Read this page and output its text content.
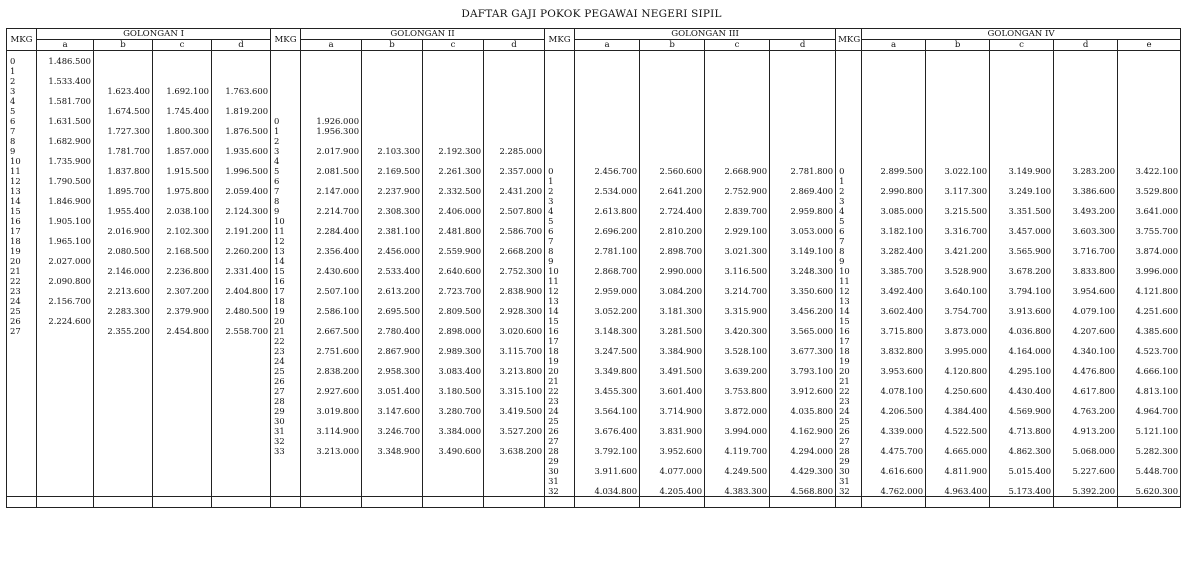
DAFTAR GAJI POKOK PEGAWAI NEGERI SIPIL
MKG	GOLONGAN I				MKG	GOLONGAN II				MKG	GOLONGAN III				MKG	GOLONGAN IV				
	a	b	c	d		a	b	c	d		a	b	c	d		a	b	c	d	e

0	1.486.500																			
1																				
2	1.533.400																			
3		1.623.400	1.692.100	1.763.600																
4	1.581.700																			
5		1.674.500	1.745.400	1.819.200																
6	1.631.500				0	1.926.000														
7		1.727.300	1.800.300	1.876.500	1	1.956.300														
8	1.682.900				2															
9		1.781.700	1.857.000	1.935.600	3	2.017.900	2.103.300	2.192.300	2.285.000											
10	1.735.900				4															
11		1.837.800	1.915.500	1.996.500	5	2.081.500	2.169.500	2.261.300	2.357.000	0	2.456.700	2.560.600	2.668.900	2.781.800	0	2.899.500	3.022.100	3.149.900	3.283.200	3.422.100
12	1.790.500				6					1					1					
13		1.895.700	1.975.800	2.059.400	7	2.147.000	2.237.900	2.332.500	2.431.200	2	2.534.000	2.641.200	2.752.900	2.869.400	2	2.990.800	3.117.300	3.249.100	3.386.600	3.529.800
14	1.846.900				8					3					3					
15		1.955.400	2.038.100	2.124.300	9	2.214.700	2.308.300	2.406.000	2.507.800	4	2.613.800	2.724.400	2.839.700	2.959.800	4	3.085.000	3.215.500	3.351.500	3.493.200	3.641.000
16	1.905.100				10					5					5					
17		2.016.900	2.102.300	2.191.200	11	2.284.400	2.381.100	2.481.800	2.586.700	6	2.696.200	2.810.200	2.929.100	3.053.000	6	3.182.100	3.316.700	3.457.000	3.603.300	3.755.700
18	1.965.100				12					7					7					
19		2.080.500	2.168.500	2.260.200	13	2.356.400	2.456.000	2.559.900	2.668.200	8	2.781.100	2.898.700	3.021.300	3.149.100	8	3.282.400	3.421.200	3.565.900	3.716.700	3.874.000
20	2.027.000				14					9					9					
21		2.146.000	2.236.800	2.331.400	15	2.430.600	2.533.400	2.640.600	2.752.300	10	2.868.700	2.990.000	3.116.500	3.248.300	10	3.385.700	3.528.900	3.678.200	3.833.800	3.996.000
22	2.090.800				16					11					11					
23		2.213.600	2.307.200	2.404.800	17	2.507.100	2.613.200	2.723.700	2.838.900	12	2.959.000	3.084.200	3.214.700	3.350.600	12	3.492.400	3.640.100	3.794.100	3.954.600	4.121.800
24	2.156.700				18					13					13					
25		2.283.300	2.379.900	2.480.500	19	2.586.100	2.695.500	2.809.500	2.928.300	14	3.052.200	3.181.300	3.315.900	3.456.200	14	3.602.400	3.754.700	3.913.600	4.079.100	4.251.600
26	2.224.600				20					15					15					
27		2.355.200	2.454.800	2.558.700	21	2.667.500	2.780.400	2.898.000	3.020.600	16	3.148.300	3.281.500	3.420.300	3.565.000	16	3.715.800	3.873.000	4.036.800	4.207.600	4.385.600
					22					17					17					
					23	2.751.600	2.867.900	2.989.300	3.115.700	18	3.247.500	3.384.900	3.528.100	3.677.300	18	3.832.800	3.995.000	4.164.000	4.340.100	4.523.700
					24					19					19					
					25	2.838.200	2.958.300	3.083.400	3.213.800	20	3.349.800	3.491.500	3.639.200	3.793.100	20	3.953.600	4.120.800	4.295.100	4.476.800	4.666.100
					26					21					21					
					27	2.927.600	3.051.400	3.180.500	3.315.100	22	3.455.300	3.601.400	3.753.800	3.912.600	22	4.078.100	4.250.600	4.430.400	4.617.800	4.813.100
					28					23					23					
					29	3.019.800	3.147.600	3.280.700	3.419.500	24	3.564.100	3.714.900	3.872.000	4.035.800	24	4.206.500	4.384.400	4.569.900	4.763.200	4.964.700
					30					25					25					
					31	3.114.900	3.246.700	3.384.000	3.527.200	26	3.676.400	3.831.900	3.994.000	4.162.900	26	4.339.000	4.522.500	4.713.800	4.913.200	5.121.100
					32					27					27					
					33	3.213.000	3.348.900	3.490.600	3.638.200	28	3.792.100	3.952.600	4.119.700	4.294.000	28	4.475.700	4.665.000	4.862.300	5.068.000	5.282.300
										29					29					
										30	3.911.600	4.077.000	4.249.500	4.429.300	30	4.616.600	4.811.900	5.015.400	5.227.600	5.448.700
										31					31					
										32	4.034.800	4.205.400	4.383.300	4.568.800	32	4.762.000	4.963.400	5.173.400	5.392.200	5.620.300
